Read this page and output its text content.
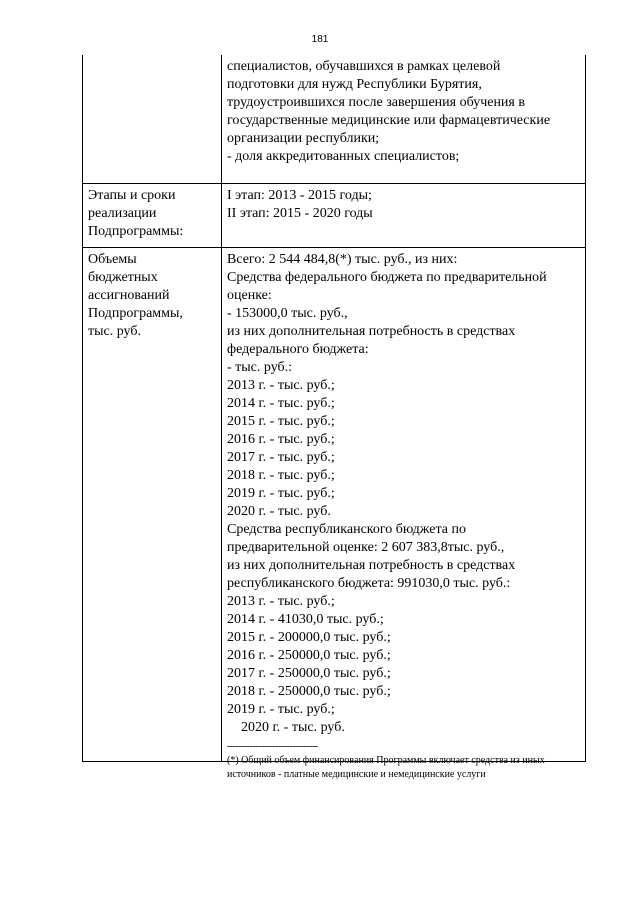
181
специалистов, обучавшихся в рамках целевой
подготовки для нужд Республики Бурятия,
трудоустроившихся после завершения обучения в
государственные медицинские или фармацевтические
организации республики;
- доля аккредитованных специалистов;
Этапы и сроки
реализации
Подпрограммы:
I этап: 2013 - 2015 годы;
II этап: 2015 - 2020 годы
Объемы
бюджетных
ассигнований
Подпрограммы,
тыс. руб.
Всего: 2 544 484,8(*) тыс. руб., из них:
Средства федерального бюджета по предварительной
оценке:
- 153000,0 тыс. руб.,
из них дополнительная потребность в средствах
федерального бюджета:
- тыс. руб.:
2013 г. - тыс. руб.;
2014 г. - тыс. руб.;
2015 г. - тыс. руб.;
2016 г. - тыс. руб.;
2017 г. - тыс. руб.;
2018 г. - тыс. руб.;
2019 г. - тыс. руб.;
2020 г. - тыс. руб.
Средства республиканского бюджета по
предварительной оценке: 2 607 383,8тыс. руб.,
из них дополнительная потребность в средствах
республиканского бюджета: 991030,0 тыс. руб.:
2013 г. - тыс. руб.;
2014 г. - 41030,0 тыс. руб.;
2015 г. - 200000,0 тыс. руб.;
2016 г. - 250000,0 тыс. руб.;
2017 г. - 250000,0 тыс. руб.;
2018 г. - 250000,0 тыс. руб.;
2019 г. - тыс. руб.;
2020 г. - тыс. руб.
--------------------------------
(*) Общий объем финансирования Программы включает средства из иных
источников - платные медицинские и немедицинские услуги
